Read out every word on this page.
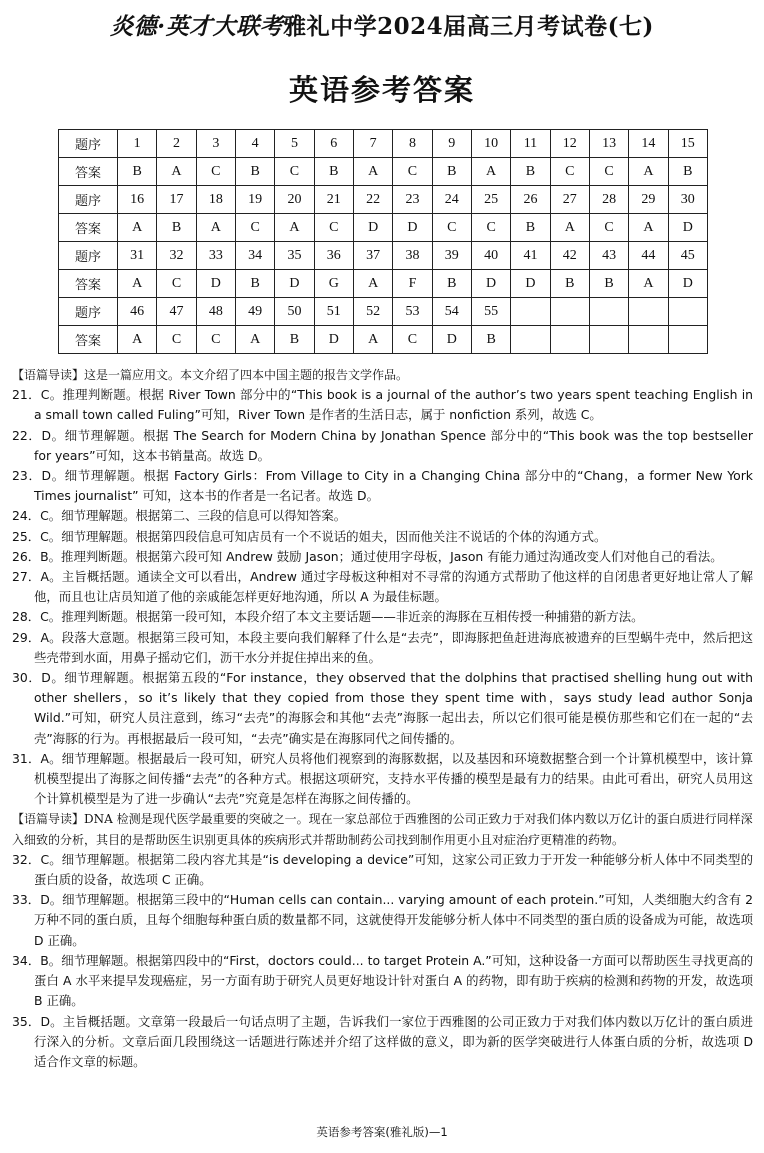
炎德·英才大联考雅礼中学2024届高三月考试卷(七)
英语参考答案
题序	1	2	3	4	5	6	7	8	9	10	11	12	13	14	15
答案	B	A	C	B	C	B	A	C	B	A	B	C	C	A	B
题序	16	17	18	19	20	21	22	23	24	25	26	27	28	29	30
答案	A	B	A	C	A	C	D	D	C	C	B	A	C	A	D
题序	31	32	33	34	35	36	37	38	39	40	41	42	43	44	45
答案	A	C	D	B	D	G	A	F	B	D	D	B	B	A	D
题序	46	47	48	49	50	51	52	53	54	55					
答案	A	C	C	A	B	D	A	C	D	B					

【语篇导读】这是一篇应用文。本文介绍了四本中国主题的报告文学作品。

21．C。推理判断题。根据 River Town 部分中的“This book is a journal of the author’s two years spent teaching English in a small town called Fuling”可知，River Town 是作者的生活日志，属于 nonfiction 系列，故选 C。

22．D。细节理解题。根据 The Search for Modern China by Jonathan Spence 部分中的“This book was the top bestseller for years”可知，这本书销量高。故选 D。

23．D。细节理解题。根据 Factory Girls：From Village to City in a Changing China 部分中的“Chang，a former New York Times journalist” 可知，这本书的作者是一名记者。故选 D。

24．C。细节理解题。根据第二、三段的信息可以得知答案。

25．C。细节理解题。根据第四段信息可知店员有一个不说话的姐夫，因而他关注不说话的个体的沟通方式。

26．B。推理判断题。根据第六段可知 Andrew 鼓励 Jason；通过使用字母板，Jason 有能力通过沟通改变人们对他自己的看法。

27．A。主旨概括题。通读全文可以看出，Andrew 通过字母板这种相对不寻常的沟通方式帮助了他这样的自闭患者更好地让常人了解他，而且也让店员知道了他的亲戚能怎样更好地沟通，所以 A 为最佳标题。

28．C。推理判断题。根据第一段可知，本段介绍了本文主要话题——非近亲的海豚在互相传授一种捕猎的新方法。

29．A。段落大意题。根据第三段可知，本段主要向我们解释了什么是“去壳”，即海豚把鱼赶进海底被遗弃的巨型蜗牛壳中，然后把这些壳带到水面，用鼻子摇动它们，沥干水分并捉住掉出来的鱼。

30．D。细节理解题。根据第五段的“For instance，they observed that the dolphins that practised shelling hung out with other shellers，so it’s likely that they copied from those they spent time with，says study lead author Sonja Wild.”可知，研究人员注意到，练习“去壳”的海豚会和其他“去壳”海豚一起出去，所以它们很可能是模仿那些和它们在一起的“去壳”海豚的行为。再根据最后一段可知，“去壳”确实是在海豚同代之间传播的。

31．A。细节理解题。根据最后一段可知，研究人员将他们视察到的海豚数据，以及基因和环境数据整合到一个计算机模型中，该计算机模型提出了海豚之间传播“去壳”的各种方式。根据这项研究，支持水平传播的模型是最有力的结果。由此可看出，研究人员用这个计算机模型是为了进一步确认“去壳”究竟是怎样在海豚之间传播的。

【语篇导读】DNA 检测是现代医学最重要的突破之一。现在一家总部位于西雅图的公司正致力于对我们体内数以万亿计的蛋白质进行同样深入细致的分析，其目的是帮助医生识别更具体的疾病形式并帮助制药公司找到制作用更小且对症治疗更精准的药物。

32．C。细节理解题。根据第二段内容尤其是“is developing a device”可知，这家公司正致力于开发一种能够分析人体中不同类型的蛋白质的设备，故选项 C 正确。

33．D。细节理解题。根据第三段中的“Human cells can contain... varying amount of each protein.”可知，人类细胞大约含有 2 万种不同的蛋白质，且每个细胞每种蛋白质的数量都不同，这就使得开发能够分析人体中不同类型的蛋白质的设备成为可能，故选项 D 正确。

34．B。细节理解题。根据第四段中的“First，doctors could... to target Protein A.”可知，这种设备一方面可以帮助医生寻找更高的蛋白 A 水平来提早发现癌症，另一方面有助于研究人员更好地设计针对蛋白 A 的药物，即有助于疾病的检测和药物的开发，故选项 B 正确。

35．D。主旨概括题。文章第一段最后一句话点明了主题，告诉我们一家位于西雅图的公司正致力于对我们体内数以万亿计的蛋白质进行深入的分析。文章后面几段围绕这一话题进行陈述并介绍了这样做的意义，即为新的医学突破进行人体蛋白质的分析，故选项 D 适合作文章的标题。

英语参考答案(雅礼版)—1
